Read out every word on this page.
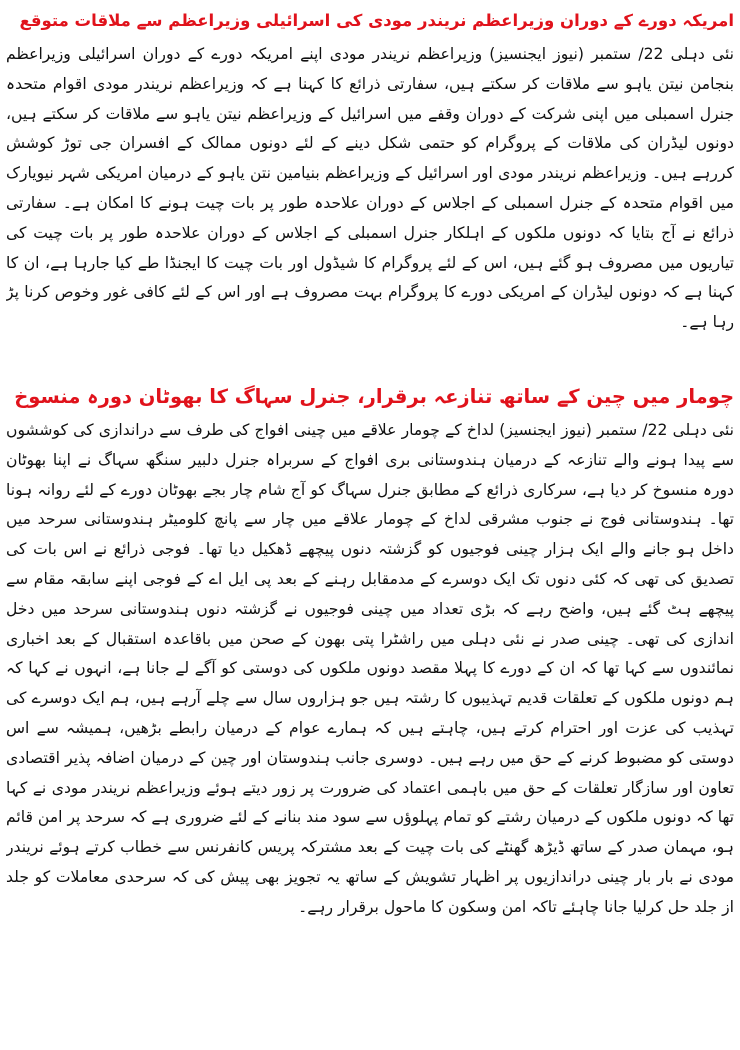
امریکہ دورے کے دوران وزیراعظم نریندر مودی کی اسرائیلی وزیراعظم سے ملاقات متوقع

نئی دہلی 22/ ستمبر (نیوز ایجنسیز) وزیراعظم نریندر مودی اپنے امریکہ دورے کے دوران اسرائیلی وزیراعظم بنجامن نیتن یاہو سے ملاقات کر سکتے ہیں، سفارتی ذرائع کا کہنا ہے کہ وزیراعظم نریندر مودی اقوام متحدہ جنرل اسمبلی میں اپنی شرکت کے دوران وقفے میں اسرائیل کے وزیراعظم نیتن یاہو سے ملاقات کر سکتے ہیں، دونوں لیڈران کی ملاقات کے پروگرام کو حتمی شکل دینے کے لئے دونوں ممالک کے افسران جی توڑ کوشش کررہے ہیں۔ وزیراعظم نریندر مودی اور اسرائیل کے وزیراعظم بنیامین نتن یاہو کے درمیان امریکی شہر نیویارک میں اقوام متحدہ کے جنرل اسمبلی کے اجلاس کے دوران علاحدہ طور پر بات چیت ہونے کا امکان ہے۔ سفارتی ذرائع نے آج بتایا کہ دونوں ملکوں کے اہلکار جنرل اسمبلی کے اجلاس کے دوران علاحدہ طور پر بات چیت کی تیاریوں میں مصروف ہو گئے ہیں، اس کے لئے پروگرام کا شیڈول اور بات چیت کا ایجنڈا طے کیا جارہا ہے، ان کا کہنا ہے کہ دونوں لیڈران کے امریکی دورے کا پروگرام بہت مصروف ہے اور اس کے لئے کافی غور وخوص کرنا پڑ رہا ہے۔

چومار میں چین کے ساتھ تنازعہ برقرار، جنرل سہاگ کا بھوٹان دورہ منسوخ

نئی دہلی 22/ ستمبر (نیوز ایجنسیز) لداخ کے چومار علاقے میں چینی افواج کی طرف سے دراندازی کی کوششوں سے پیدا ہونے والے تنازعہ کے درمیان ہندوستانی بری افواج کے سربراہ جنرل دلبیر سنگھ سہاگ نے اپنا بھوٹان دورہ منسوخ کر دیا ہے، سرکاری ذرائع کے مطابق جنرل سہاگ کو آج شام چار بجے بھوٹان دورے کے لئے روانہ ہونا تھا۔ ہندوستانی فوج نے جنوب مشرقی لداخ کے چومار علاقے میں چار سے پانچ کلومیٹر ہندوستانی سرحد میں داخل ہو جانے والے ایک ہزار چینی فوجیوں کو گزشتہ دنوں پیچھے ڈھکیل دیا تھا۔ فوجی ذرائع نے اس بات کی تصدیق کی تھی کہ کئی دنوں تک ایک دوسرے کے مدمقابل رہنے کے بعد پی ایل اے کے فوجی اپنے سابقہ مقام سے پیچھے ہٹ گئے ہیں، واضح رہے کہ بڑی تعداد میں چینی فوجیوں نے گزشتہ دنوں ہندوستانی سرحد میں دخل اندازی کی تھی۔ چینی صدر نے نئی دہلی میں راشٹرا پتی بھون کے صحن میں باقاعدہ استقبال کے بعد اخباری نمائندوں سے کہا تھا کہ ان کے دورے کا پہلا مقصد دونوں ملکوں کی دوستی کو آگے لے جانا ہے، انہوں نے کہا کہ ہم دونوں ملکوں کے تعلقات قدیم تہذیبوں کا رشتہ ہیں جو ہزاروں سال سے چلے آرہے ہیں، ہم ایک دوسرے کی تہذیب کی عزت اور احترام کرتے ہیں، چاہتے ہیں کہ ہمارے عوام کے درمیان رابطے بڑھیں، ہمیشہ سے اس دوستی کو مضبوط کرنے کے حق میں رہے ہیں۔ دوسری جانب ہندوستان اور چین کے درمیان اضافہ پذیر اقتصادی تعاون اور سازگار تعلقات کے حق میں باہمی اعتماد کی ضرورت پر زور دیتے ہوئے وزیراعظم نریندر مودی نے کہا تھا کہ دونوں ملکوں کے درمیان رشتے کو تمام پہلوؤں سے سود مند بنانے کے لئے ضروری ہے کہ سرحد پر امن قائم ہو، مہمان صدر کے ساتھ ڈیڑھ گھنٹے کی بات چیت کے بعد مشترکہ پریس کانفرنس سے خطاب کرتے ہوئے نریندر مودی نے بار بار چینی دراندازیوں پر اظہار تشویش کے ساتھ یہ تجویز بھی پیش کی کہ سرحدی معاملات کو جلد از جلد حل کرلیا جانا چاہئے تاکہ امن وسکون کا ماحول برقرار رہے۔
